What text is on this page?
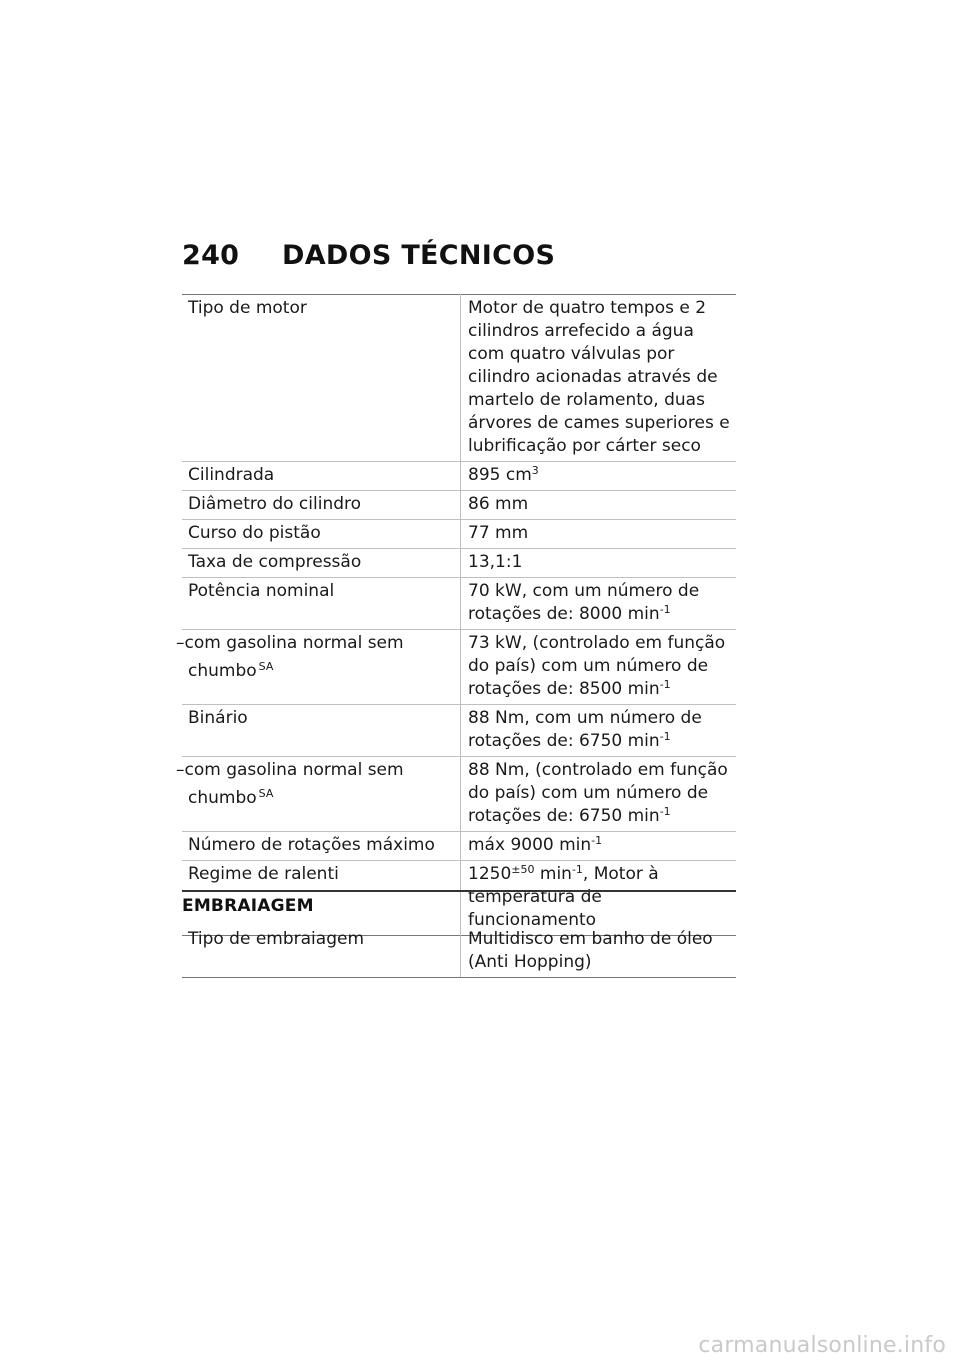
240 DADOS TÉCNICOS
Tipo de motor	Motor de quatro tempos e 2 cilindros arrefecido a água com quatro válvulas por cilindro acionadas através de martelo de rolamento, duas árvores de cames superiores e lubrificação por cárter seco
Cilindrada	895 $cm^3$
Diâmetro do cilindro	86 mm
Curso do pistão	77 mm
Taxa de compressão	13,1:1
Potência nominal	70 kW, com um número de rotações de: 8000 $\min^{-1}$
–com gasolina normal sem chumbo $^{SA}$	73 kW, (controlado em função do país) com um número de rotações de: 8500 $\min^{-1}$
Binário	88 Nm, com um número de rotações de: 6750 $\min^{-1}$
–com gasolina normal sem chumbo $^{SA}$	88 Nm, (controlado em função do país) com um número de rotações de: 6750 $\min^{-1}$
Número de rotações máximo	máx 9000 $\min^{-1}$
Regime de ralenti	$1250^{\pm 50}$ $\min^{-1}$, Motor à temperatura de funcionamento
EMBRAIAGEM
Tipo de embraiagem	Multidisco em banho de óleo (Anti Hopping)
carmanualsonline.info
